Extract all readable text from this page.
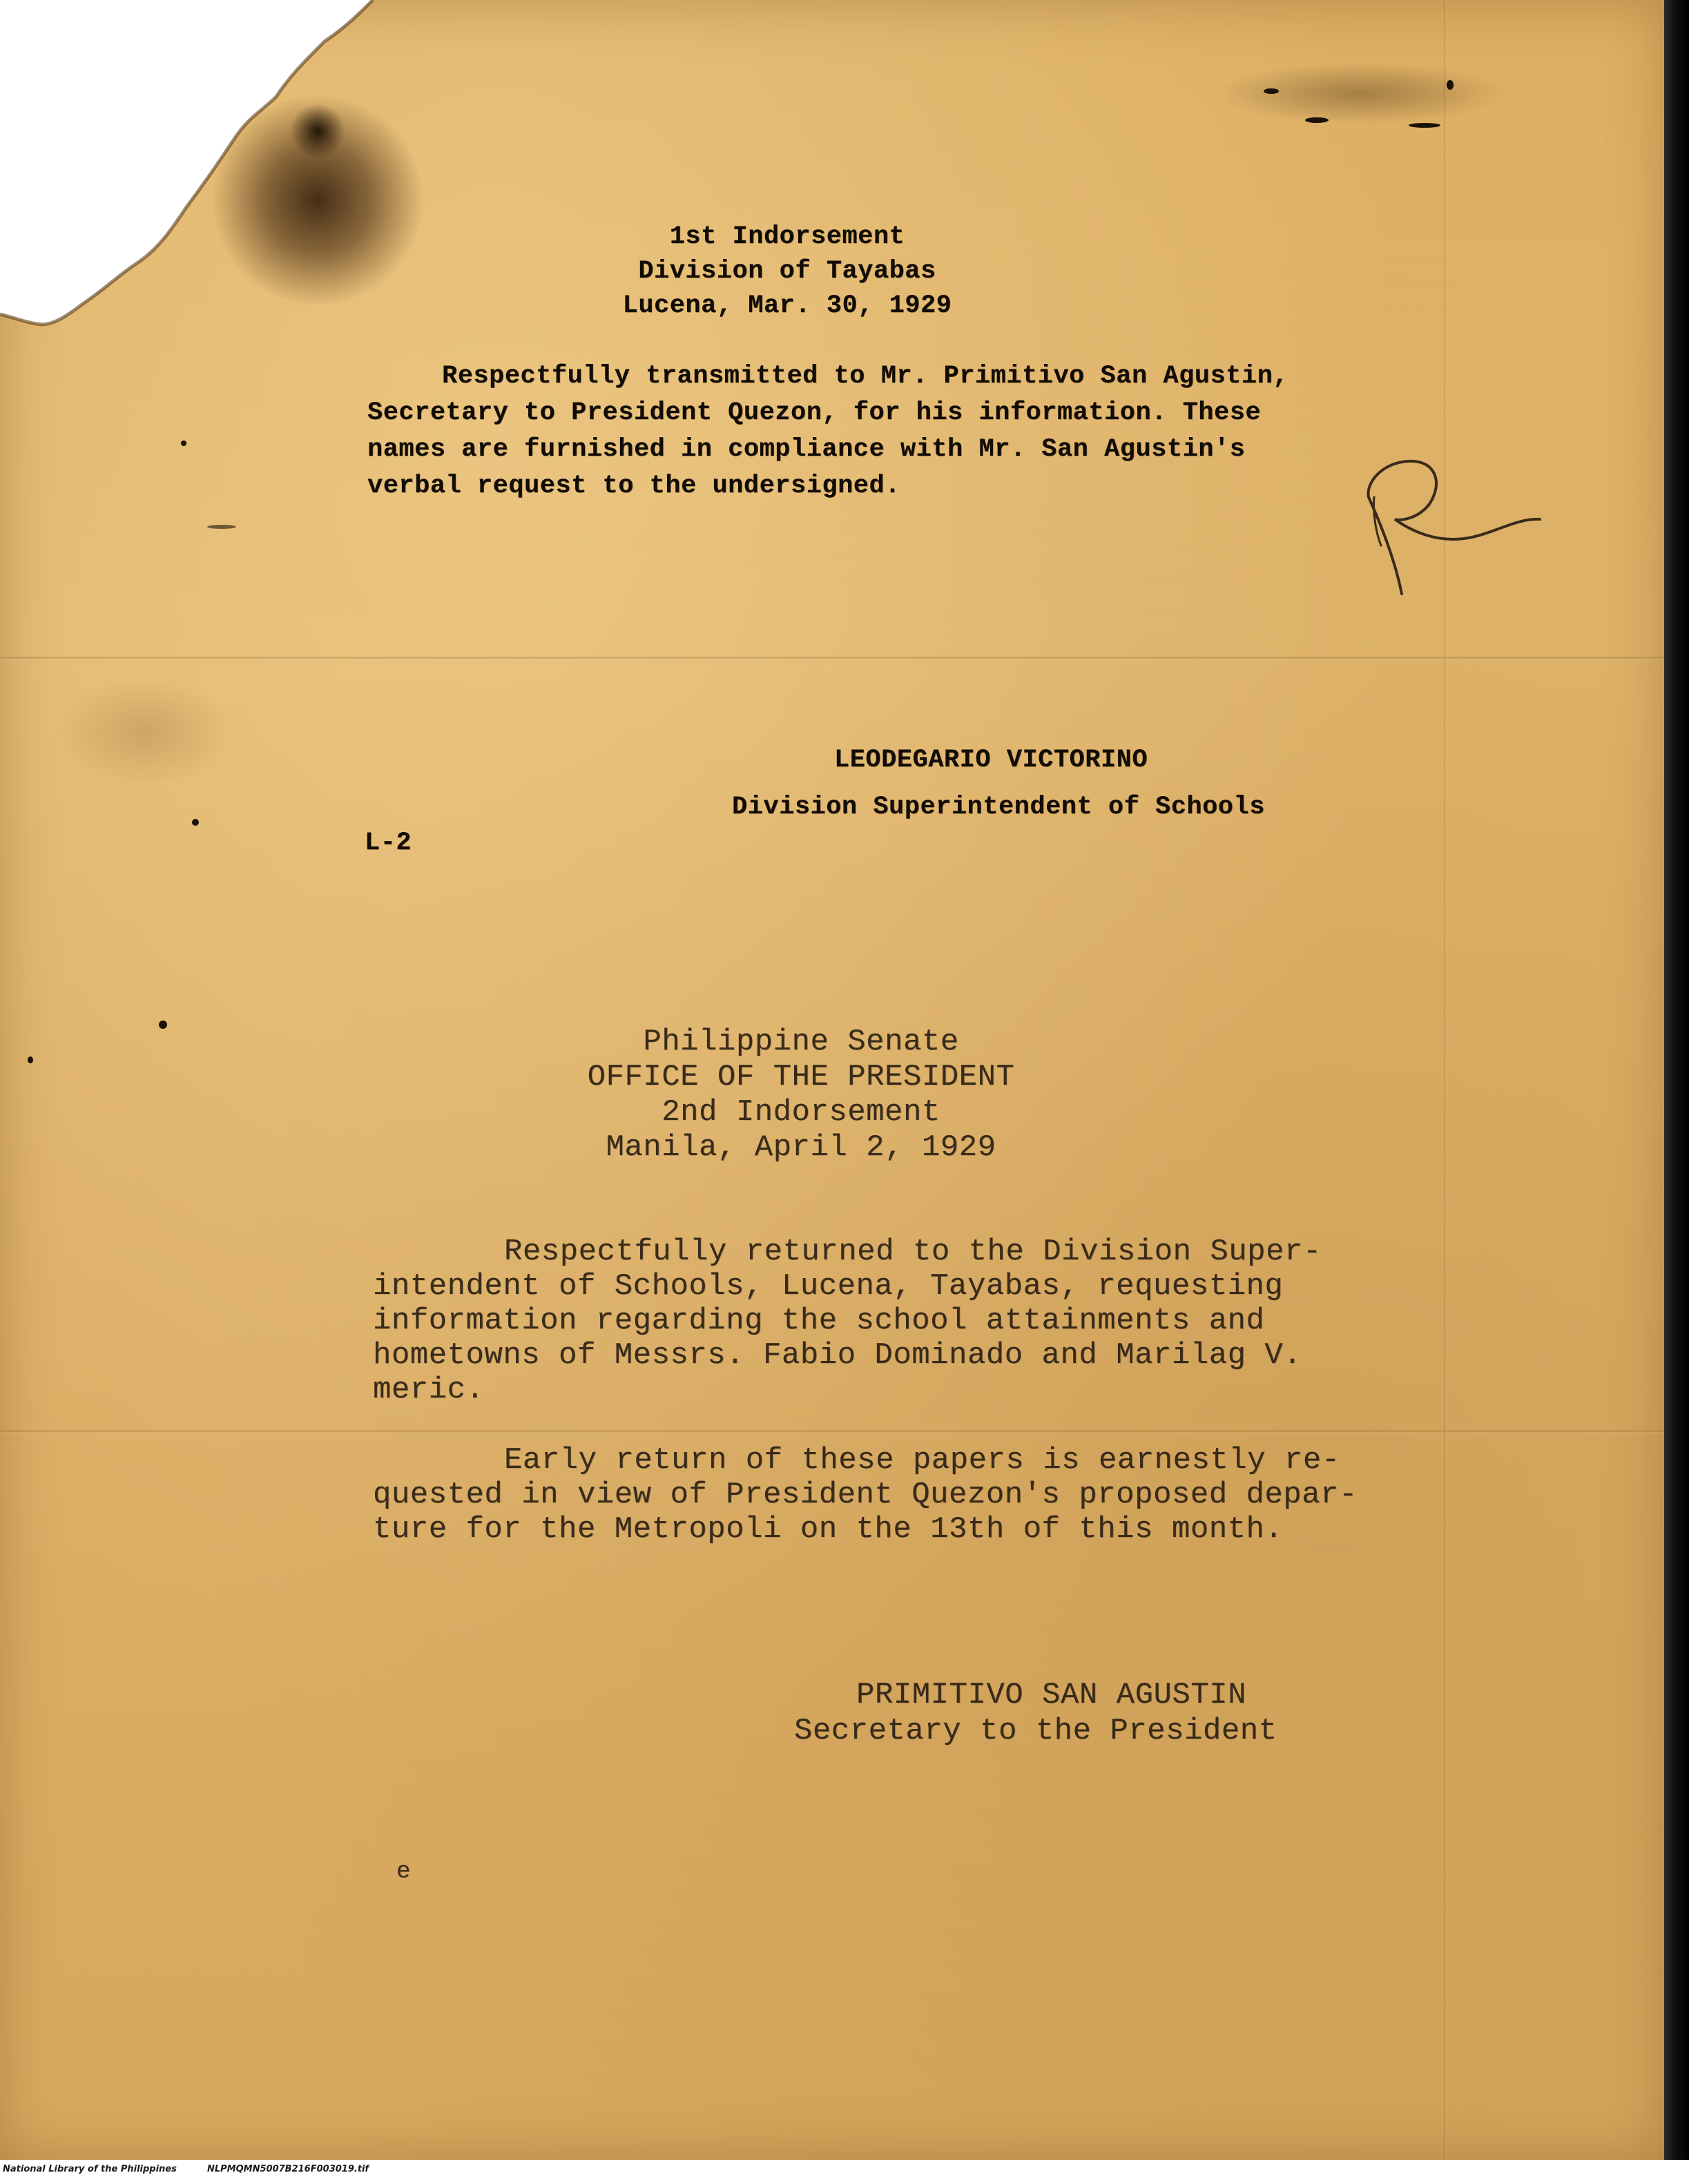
1st Indorsement
Division of Tayabas
Lucena, Mar. 30, 1929
Respectfully transmitted to Mr. Primitivo San Agustin,
Secretary to President Quezon, for his information. These
names are furnished in compliance with Mr. San Agustin's
verbal request to the undersigned.
LEODEGARIO VICTORINO
Division Superintendent of Schools
L-2
Philippine Senate
OFFICE OF THE PRESIDENT
2nd Indorsement
Manila, April 2, 1929
Respectfully returned to the Division Super-
intendent of Schools, Lucena, Tayabas, requesting
information regarding the school attainments and
hometowns of Messrs. Fabio Dominado and Marilag V.
meric.
Early return of these papers is earnestly re-
quested in view of President Quezon's proposed depar-
ture for the Metropoli on the 13th of this month.
PRIMITIVO SAN AGUSTIN
Secretary to the President
e
National Library of the Philippines	NLPMQMN5007B216F003019.tif
